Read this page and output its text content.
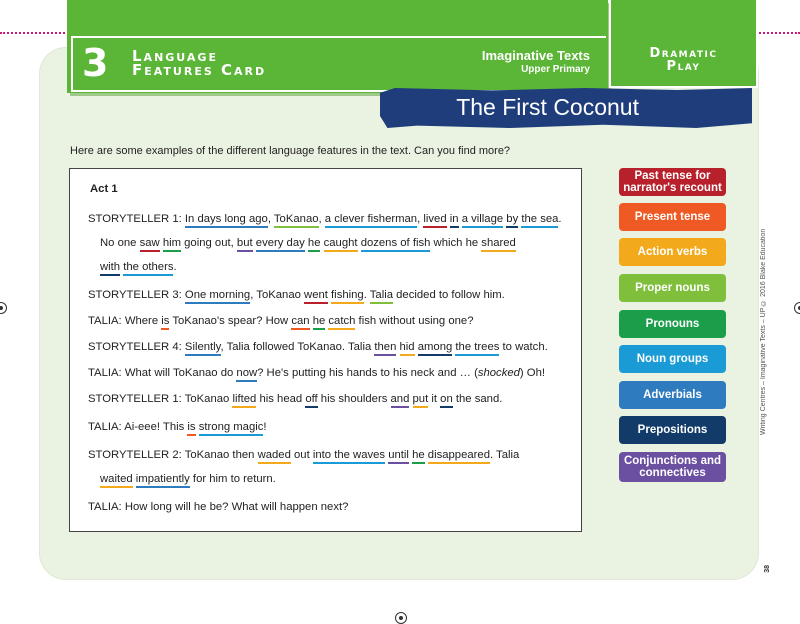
3 Language
Features Card
Imaginative Texts
Upper Primary
Dramatic
Play
The First Coconut
Here are some examples of the different language features in the text. Can you find more?
Act 1
STORYTELLER 1: In days long ago, ToKanao, a clever fisherman, lived in a village by the sea.
No one saw him going out, but every day he caught dozens of fish which he shared
with the others.
STORYTELLER 3: One morning, ToKanao went fishing. Talia decided to follow him.
TALIA: Where is ToKanao's spear? How can he catch fish without using one?
STORYTELLER 4: Silently, Talia followed ToKanao. Talia then hid among the trees to watch.
TALIA: What will ToKanao do now? He's putting his hands to his neck and … (shocked) Oh!
STORYTELLER 1: ToKanao lifted his head off his shoulders and put it on the sand.
TALIA: Ai-eee! This is strong magic!
STORYTELLER 2: ToKanao then waded out into the waves until he disappeared. Talia
waited impatiently for him to return.
TALIA: How long will he be? What will happen next?
Past tense for narrator's recount
Present tense
Action verbs
Proper nouns
Pronouns
Noun groups
Adverbials
Prepositions
Conjunctions and connectives
Writing Centres – Imaginative Texts – UP © 2016 Blake Education
38
